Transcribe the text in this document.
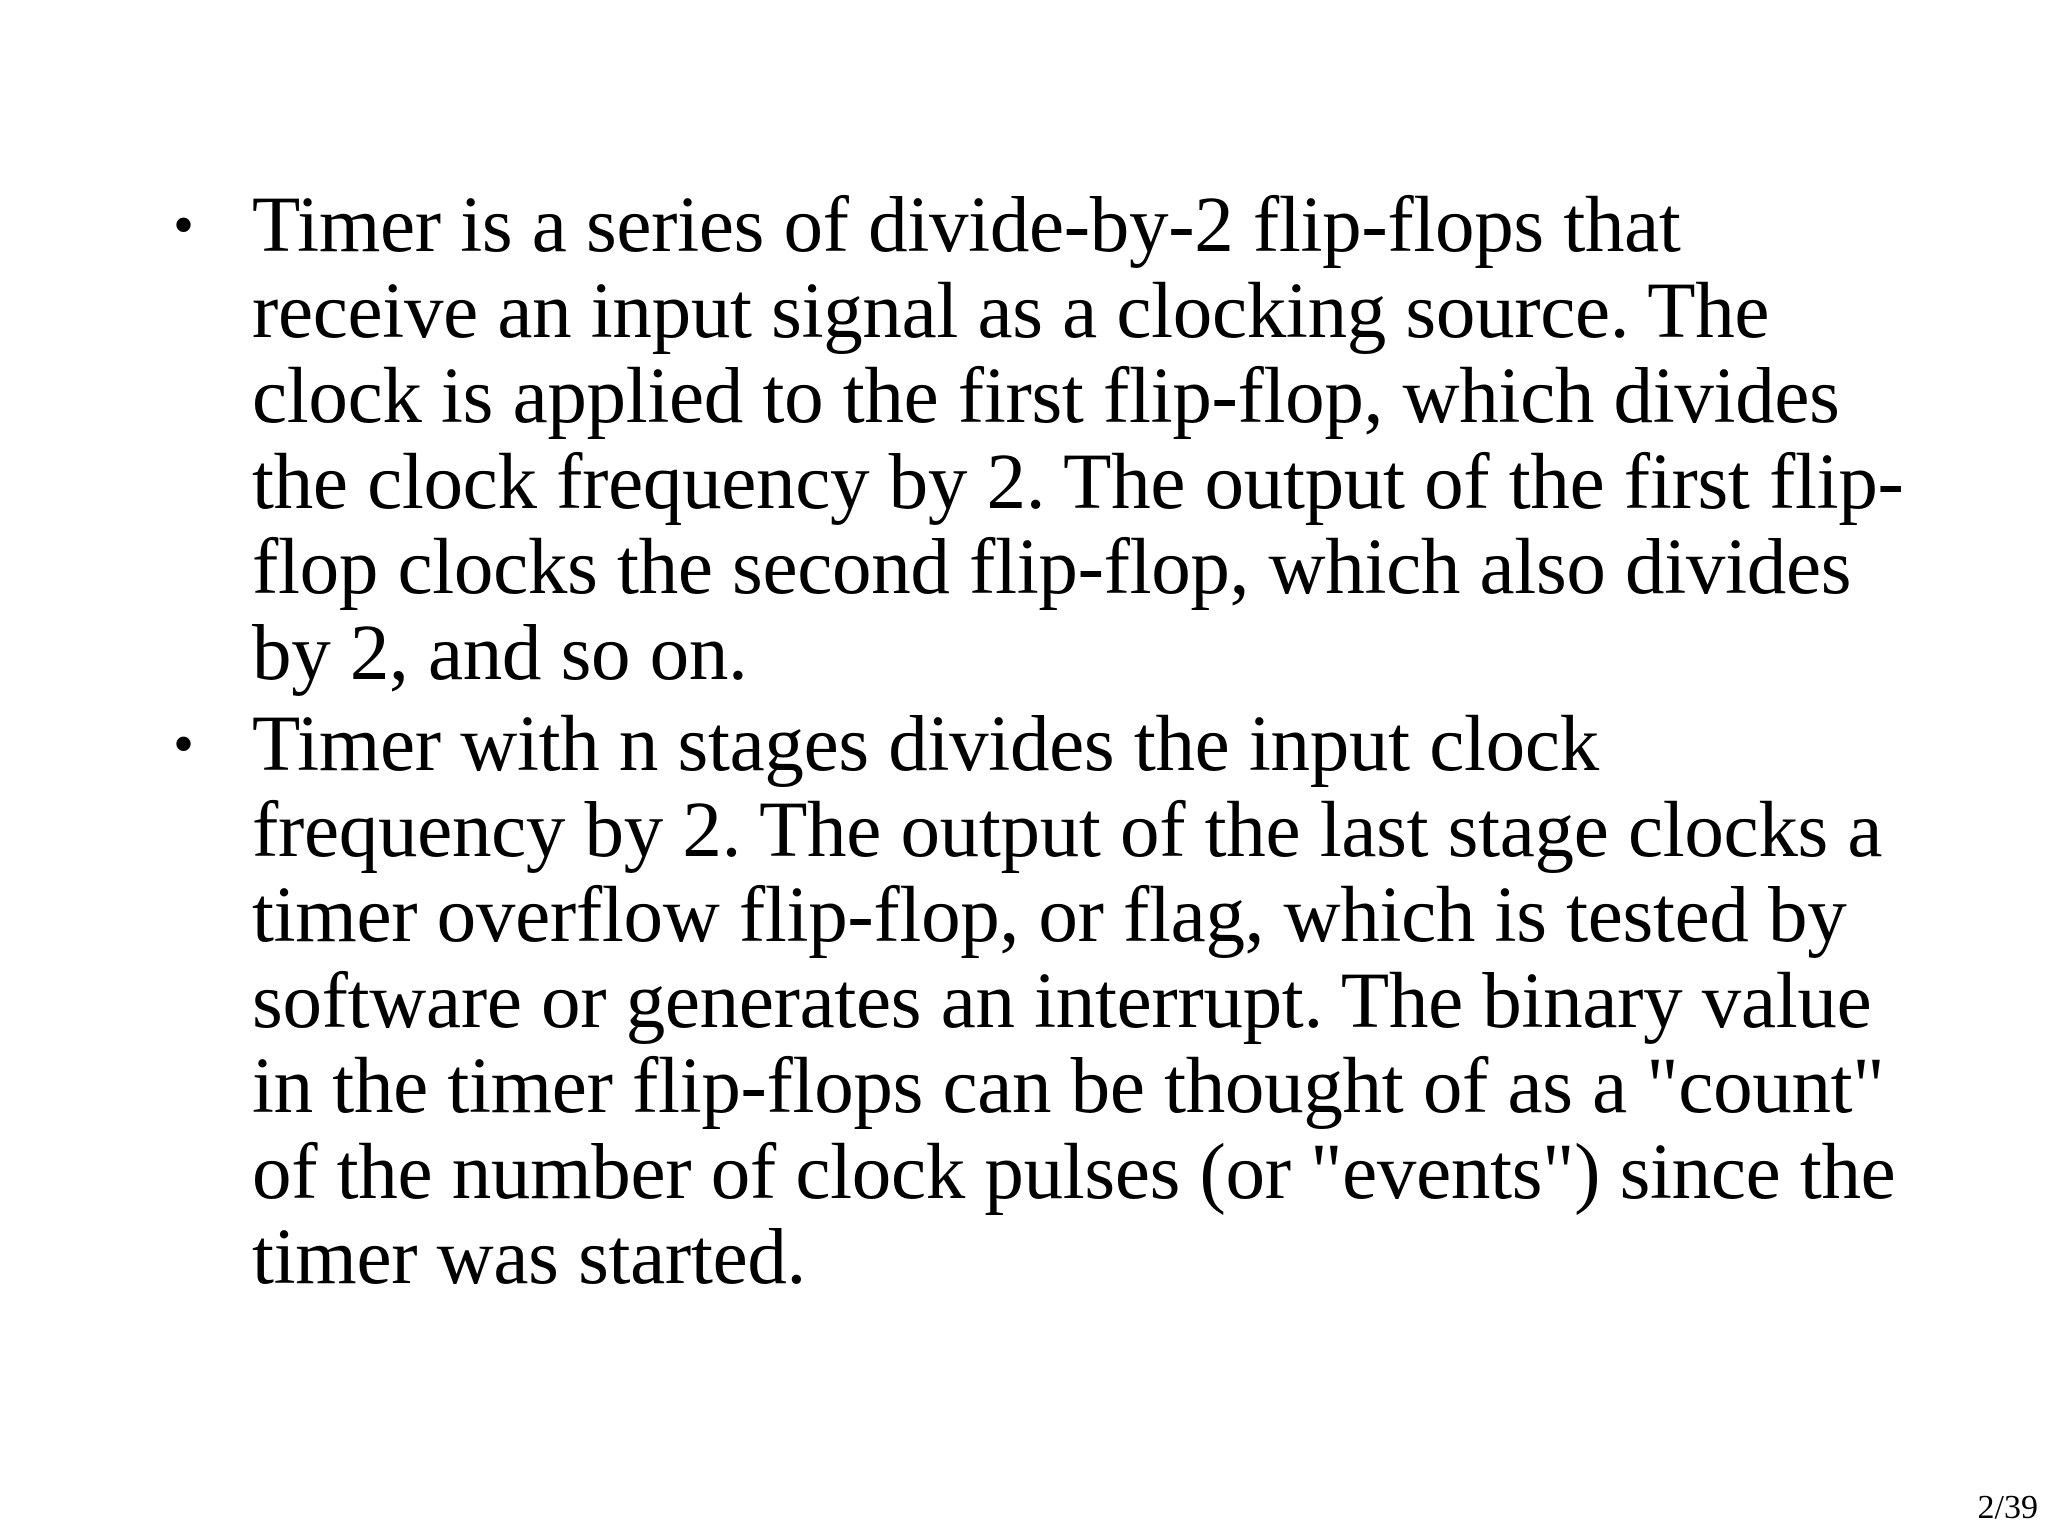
• Timer is a series of divide-by-2 flip-flops that receive an input signal as a clocking source. The clock is applied to the first flip-flop, which divides the clock frequency by 2. The output of the first flip-flop clocks the second flip-flop, which also divides by 2, and so on.
• Timer with n stages divides the input clock frequency by 2. The output of the last stage clocks a timer overflow flip-flop, or flag, which is tested by software or generates an interrupt. The binary value in the timer flip-flops can be thought of as a "count" of the number of clock pulses (or "events") since the timer was started.
2/39
